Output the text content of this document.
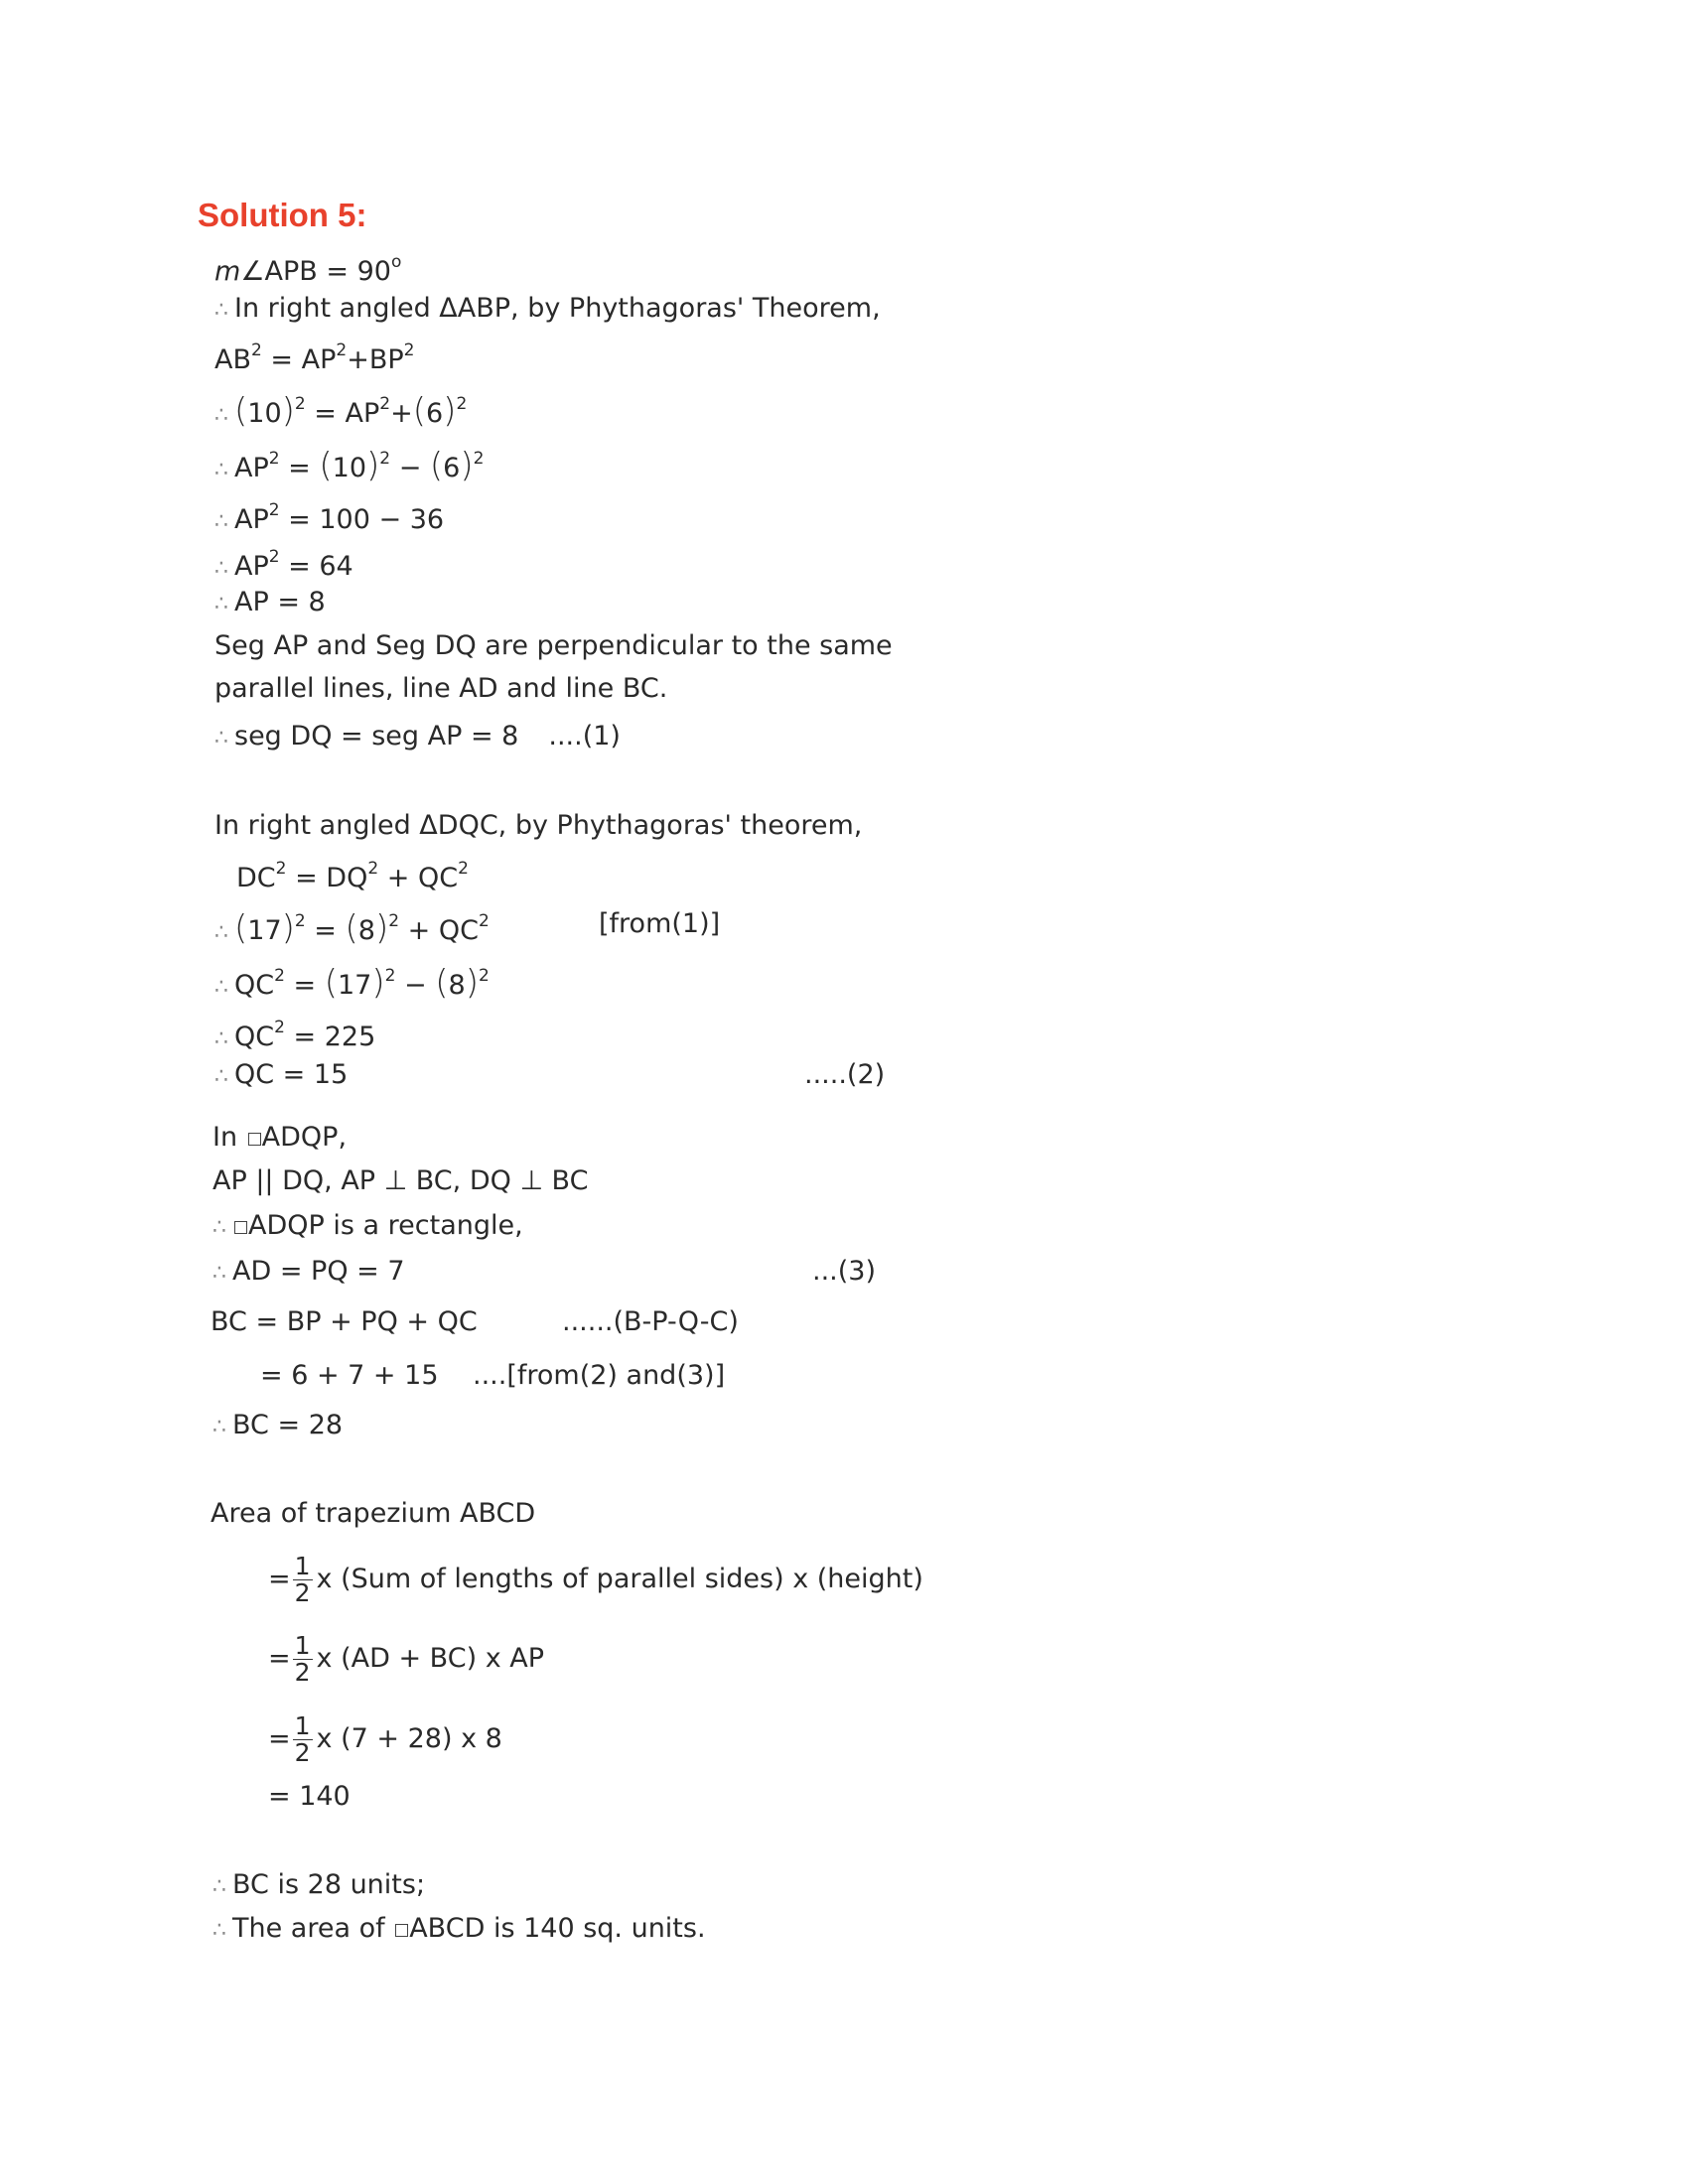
Solution 5:
m∠APB = $90^o$
∴ In right angled ΔABP, by Phythagoras' Theorem,
$AB^2 = AP^2+BP^2$
∴ $(10)^2 = AP^2+(6)^2$
∴ $AP^2 = (10)^2 - (6)^2$
∴ $AP^2 = 100 - 36$
∴ $AP^2 = 64$
∴ AP = 8
Seg AP and Seg DQ are perpendicular to the same
parallel lines, line AD and line BC.
∴ seg DQ = seg AP = 8 ....(1)
In right angled ΔDQC, by Phythagoras' theorem,
$DC^2 = DQ^2 + QC^2$
∴ $(17)^2 = (8)^2 + QC^2$	[from(1)]
∴ $QC^2 = (17)^2 - (8)^2$
∴ $QC^2 = 225$
∴ QC = 15	.....(2)
In ADQP,
AP || DQ, AP ⊥ BC, DQ ⊥ BC
∴ ADQP is a rectangle,
∴ AD = PQ = 7	...(3)
BC = BP + PQ + QC	......(B-P-Q-C)
= 6 + 7 + 15 ....[from(2) and(3)]
∴ BC = 28
Area of trapezium ABCD
= $\frac{1}{2}$ x (Sum of lengths of parallel sides) x (height)
= $\frac{1}{2}$ x (AD + BC) x AP
= $\frac{1}{2}$ x (7 + 28) x 8
= 140
∴ BC is 28 units;
∴ The area of ABCD is 140 sq. units.
